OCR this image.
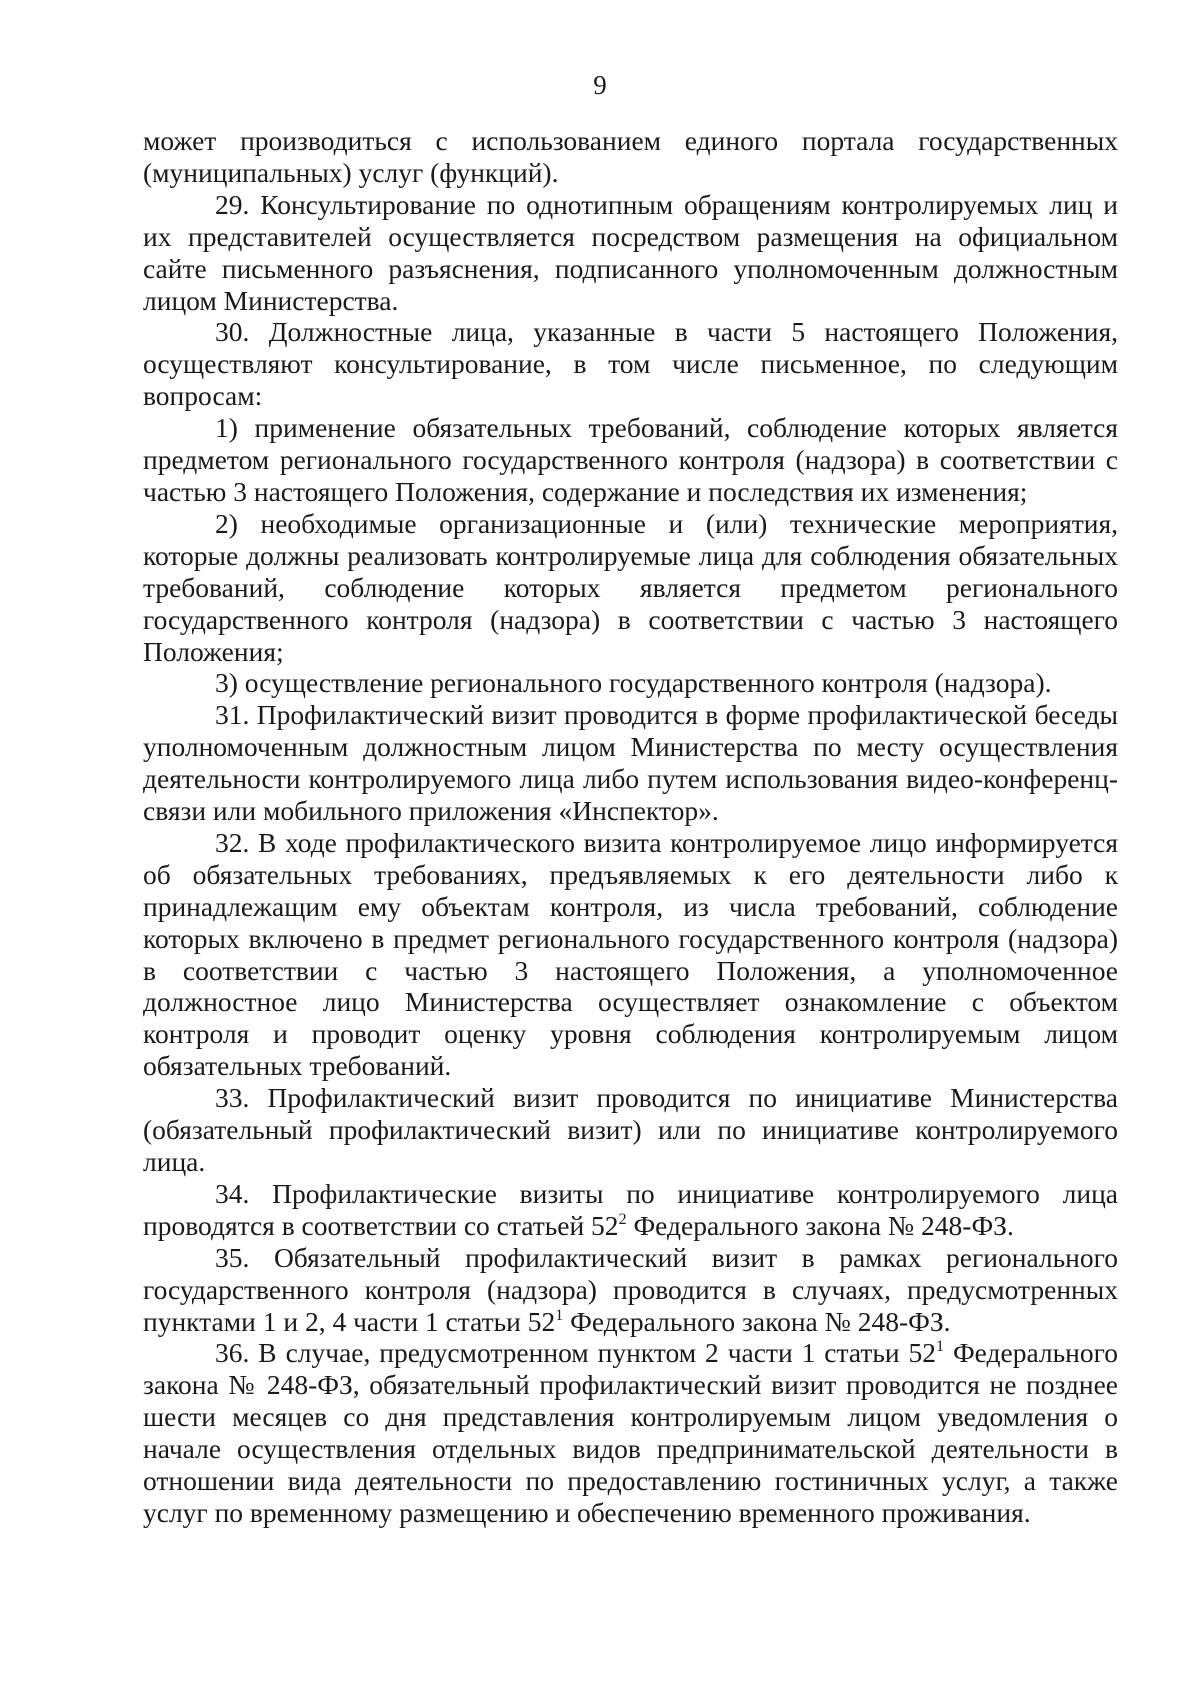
9

может производиться с использованием единого портала государственных (муниципальных) услуг (функций).

29. Консультирование по однотипным обращениям контролируемых лиц и их представителей осуществляется посредством размещения на официальном сайте письменного разъяснения, подписанного уполномоченным должностным лицом Министерства.

30. Должностные лица, указанные в части 5 настоящего Положения, осуществляют консультирование, в том числе письменное, по следующим вопросам:

1) применение обязательных требований, соблюдение которых является предметом регионального государственного контроля (надзора) в соответствии с частью 3 настоящего Положения, содержание и последствия их изменения;

2) необходимые организационные и (или) технические мероприятия, которые должны реализовать контролируемые лица для соблюдения обязательных требований, соблюдение которых является предметом регионального государственного контроля (надзора) в соответствии с частью 3 настоящего Положения;

3) осуществление регионального государственного контроля (надзора).

31. Профилактический визит проводится в форме профилактической беседы уполномоченным должностным лицом Министерства по месту осуществления деятельности контролируемого лица либо путем использования видео-конференц-связи или мобильного приложения «Инспектор».

32. В ходе профилактического визита контролируемое лицо информируется об обязательных требованиях, предъявляемых к его деятельности либо к принадлежащим ему объектам контроля, из числа требований, соблюдение которых включено в предмет регионального государственного контроля (надзора) в соответствии с частью 3 настоящего Положения, а уполномоченное должностное лицо Министерства осуществляет ознакомление с объектом контроля и проводит оценку уровня соблюдения контролируемым лицом обязательных требований.

33. Профилактический визит проводится по инициативе Министерства (обязательный профилактический визит) или по инициативе контролируемого лица.

34. Профилактические визиты по инициативе контролируемого лица проводятся в соответствии со статьей $52^2$ Федерального закона № 248-ФЗ.

35. Обязательный профилактический визит в рамках регионального государственного контроля (надзора) проводится в случаях, предусмотренных пунктами 1 и 2, 4 части 1 статьи $52^1$ Федерального закона № 248-ФЗ.

36. В случае, предусмотренном пунктом 2 части 1 статьи $52^1$ Федерального закона № 248-ФЗ, обязательный профилактический визит проводится не позднее шести месяцев со дня представления контролируемым лицом уведомления о начале осуществления отдельных видов предпринимательской деятельности в отношении вида деятельности по предоставлению гостиничных услуг, а также услуг по временному размещению и обеспечению временного проживания.
